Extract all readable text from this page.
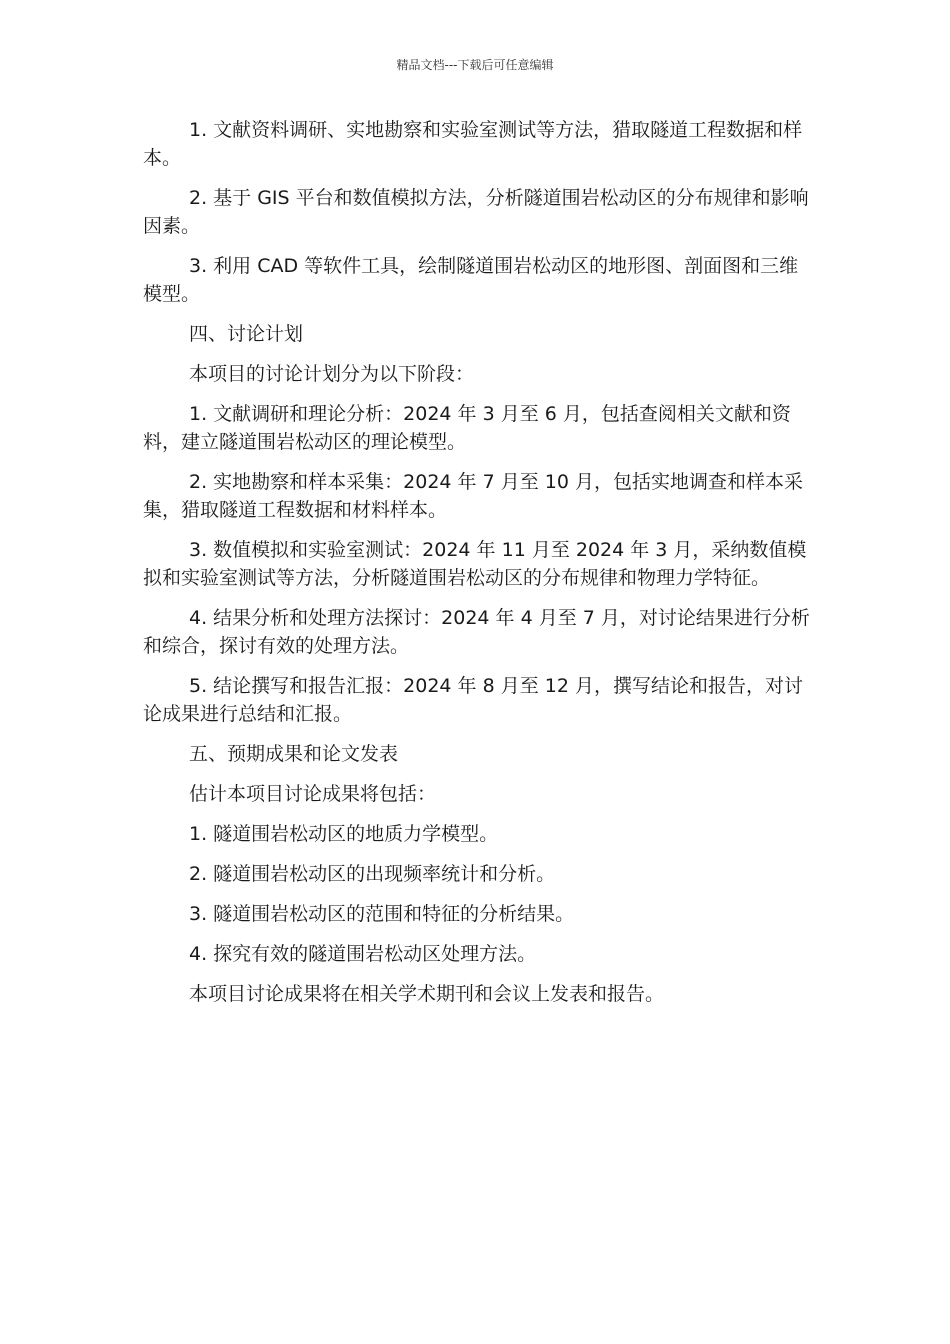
精品文档---下载后可任意编辑

1. 文献资料调研、实地勘察和实验室测试等方法，猎取隧道工程数据和样本。

2. 基于 GIS 平台和数值模拟方法，分析隧道围岩松动区的分布规律和影响因素。

3. 利用 CAD 等软件工具，绘制隧道围岩松动区的地形图、剖面图和三维模型。

四、讨论计划

本项目的讨论计划分为以下阶段：

1. 文献调研和理论分析：2024 年 3 月至 6 月，包括查阅相关文献和资料，建立隧道围岩松动区的理论模型。

2. 实地勘察和样本采集：2024 年 7 月至 10 月，包括实地调查和样本采集，猎取隧道工程数据和材料样本。

3. 数值模拟和实验室测试：2024 年 11 月至 2024 年 3 月，采纳数值模拟和实验室测试等方法，分析隧道围岩松动区的分布规律和物理力学特征。

4. 结果分析和处理方法探讨：2024 年 4 月至 7 月，对讨论结果进行分析和综合，探讨有效的处理方法。

5. 结论撰写和报告汇报：2024 年 8 月至 12 月，撰写结论和报告，对讨论成果进行总结和汇报。

五、预期成果和论文发表

估计本项目讨论成果将包括：

1. 隧道围岩松动区的地质力学模型。

2. 隧道围岩松动区的出现频率统计和分析。

3. 隧道围岩松动区的范围和特征的分析结果。

4. 探究有效的隧道围岩松动区处理方法。

本项目讨论成果将在相关学术期刊和会议上发表和报告。
